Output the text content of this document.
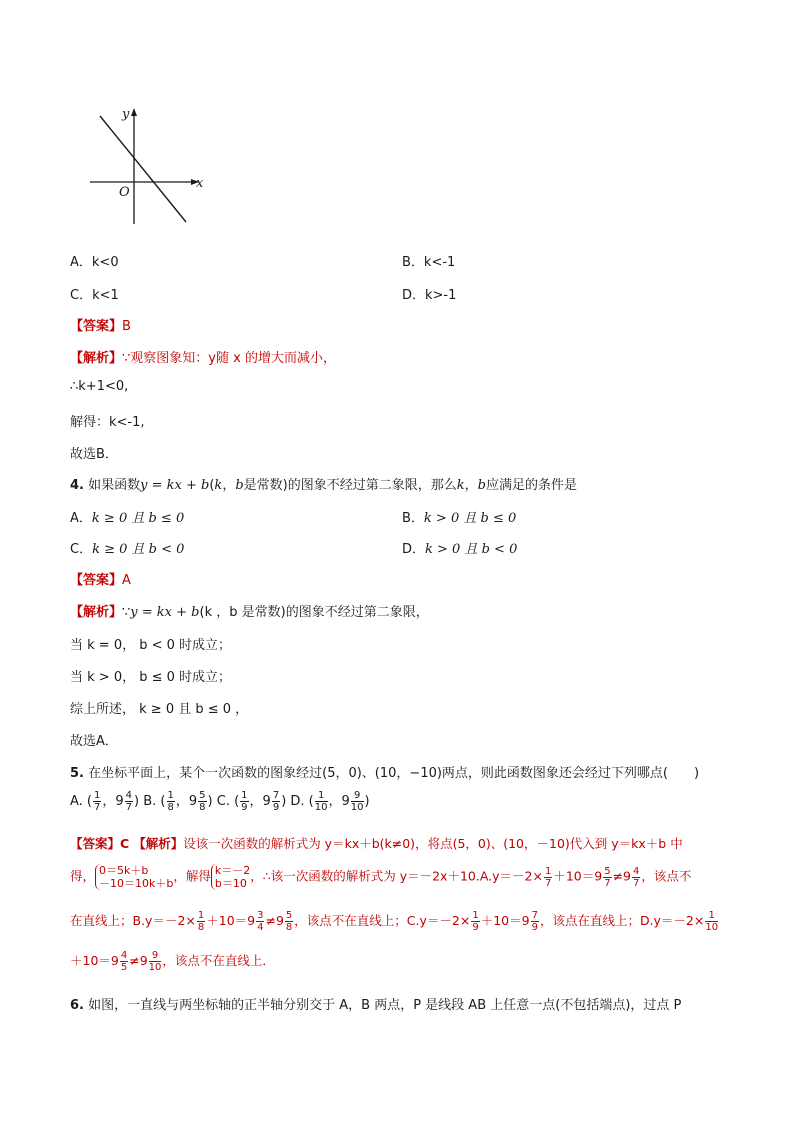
y
x
O
A．k<0	B．k<-1
C．k<1	D．k>-1
【答案】B
【解析】∵观察图象知：y随 x 的增大而减小，
∴k+1<0,
解得：k<-1,
故选B．
4. 如果函数y = kx + b(k，b是常数)的图象不经过第二象限，那么k，b应满足的条件是
A．k ≥ 0 且 b ≤ 0	B．k > 0 且 b ≤ 0
C．k ≥ 0 且 b < 0	D．k > 0 且 b < 0
【答案】A
【解析】∵y = kx + b(k ，b 是常数)的图象不经过第二象限，
当 k = 0， b < 0 时成立；
当 k > 0， b ≤ 0 时成立；
综上所述， k ≥ 0 且 b ≤ 0 ，
故选A．
5. 在坐标平面上，某个一次函数的图象经过(5，0)、(10，−10)两点，则此函数图象还会经过下列哪点(　　)
A. ( $\frac{1}{7}$ ，$9 \frac{4}{7}$ ) B. ( $\frac{1}{8}$ ，$9 \frac{5}{8}$ ) C. ( $\frac{1}{9}$ ，$9 \frac{7}{9}$ ) D. ( $\frac{1}{10}$ ，$9 \frac{9}{10}$ )
【答案】C 【解析】设该一次函数的解析式为 y＝kx＋b(k≠0)，将点(5，0)、(10，－10)代入到 y＝kx＋b 中
得， 0＝5k＋b
－10＝10k＋b ，解得 k＝－2
b＝10 ，∴该一次函数的解析式为 $y=-2x+10.A.y=-2\times \frac{1}{7} +10=9 \frac{5}{7} \ne 9 \frac{4}{7}$ ，该点不
在直线上；$B.y=-2\times \frac{1}{8} +10=9 \frac{3}{4} \ne 9 \frac{5}{8}$ ，该点不在直线上；$C.y=-2\times \frac{1}{9} +10=9 \frac{7}{9}$ ，该点在直线上；$D.y=-2\times \frac{1}{10}$
$+10=9 \frac{4}{5} \ne 9 \frac{9}{10}$ ，该点不在直线上．
6. 如图，一直线与两坐标轴的正半轴分别交于 A，B 两点，P 是线段 AB 上任意一点(不包括端点)，过点 P
